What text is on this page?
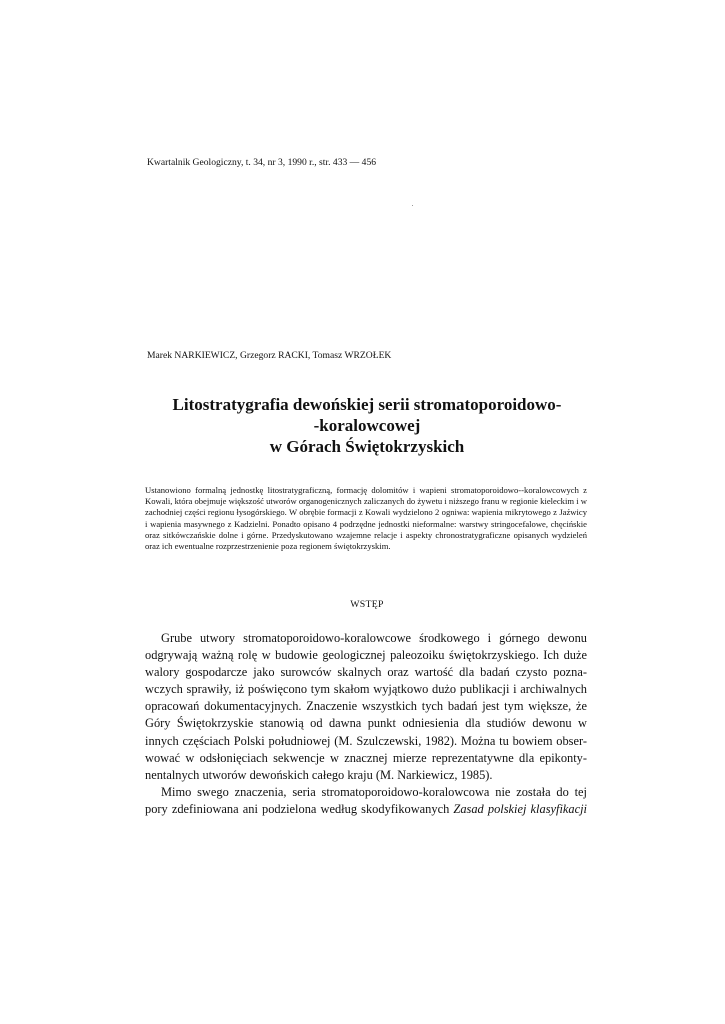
Kwartalnik Geologiczny, t. 34, nr 3, 1990 r., str. 433 — 456
Marek NARKIEWICZ, Grzegorz RACKI, Tomasz WRZOŁEK
Litostratygrafia dewońskiej serii stromatoporoidowo-
-koralowcowej
w Górach Świętokrzyskich

Ustanowiono formalną jednostkę litostratygraficzną, formację dolomitów i wapieni stromatoporoidowo--koralowcowych z Kowali, która obejmuje większość utworów organogenicznych zaliczanych do żywetu i niższego franu w regionie kieleckim i w zachodniej części regionu łysogórskiego. W obrębie formacji z Kowali wydzielono 2 ogniwa: wapienia mikrytowego z Jaźwicy i wapienia masywnego z Kadzielni. Ponadto opisano 4 podrzędne jednostki nieformalne: warstwy stringocefalowe, chęcińskie oraz sitkówczańskie dolne i górne. Przedyskutowano wzajemne relacje i aspekty chronostratygraficzne opisanych wydzieleń oraz ich ewentualne rozprzestrzenienie poza regionem świętokrzyskim.

WSTĘP

Grube utwory stromatoporoidowo-koralowcowe środkowego i górnego dewonu odgrywają ważną rolę w budowie geologicznej paleozoiku świętokrzyskiego. Ich duże walory gospodarcze jako surowców skalnych oraz wartość dla badań czysto pozna-wczych sprawiły, iż poświęcono tym skałom wyjątkowo dużo publikacji i archiwalnych opracowań dokumentacyjnych. Znaczenie wszystkich tych badań jest tym większe, że Góry Świętokrzyskie stanowią od dawna punkt odniesienia dla studiów dewonu w innych częściach Polski południowej (M. Szulczewski, 1982). Można tu bowiem obser-wować w odsłonięciach sekwencje w znacznej mierze reprezentatywne dla epikonty-nentalnych utworów dewońskich całego kraju (M. Narkiewicz, 1985).

Mimo swego znaczenia, seria stromatoporoidowo-koralowcowa nie została do tej pory zdefiniowana ani podzielona według skodyfikowanych Zasad polskiej klasyfikacji
